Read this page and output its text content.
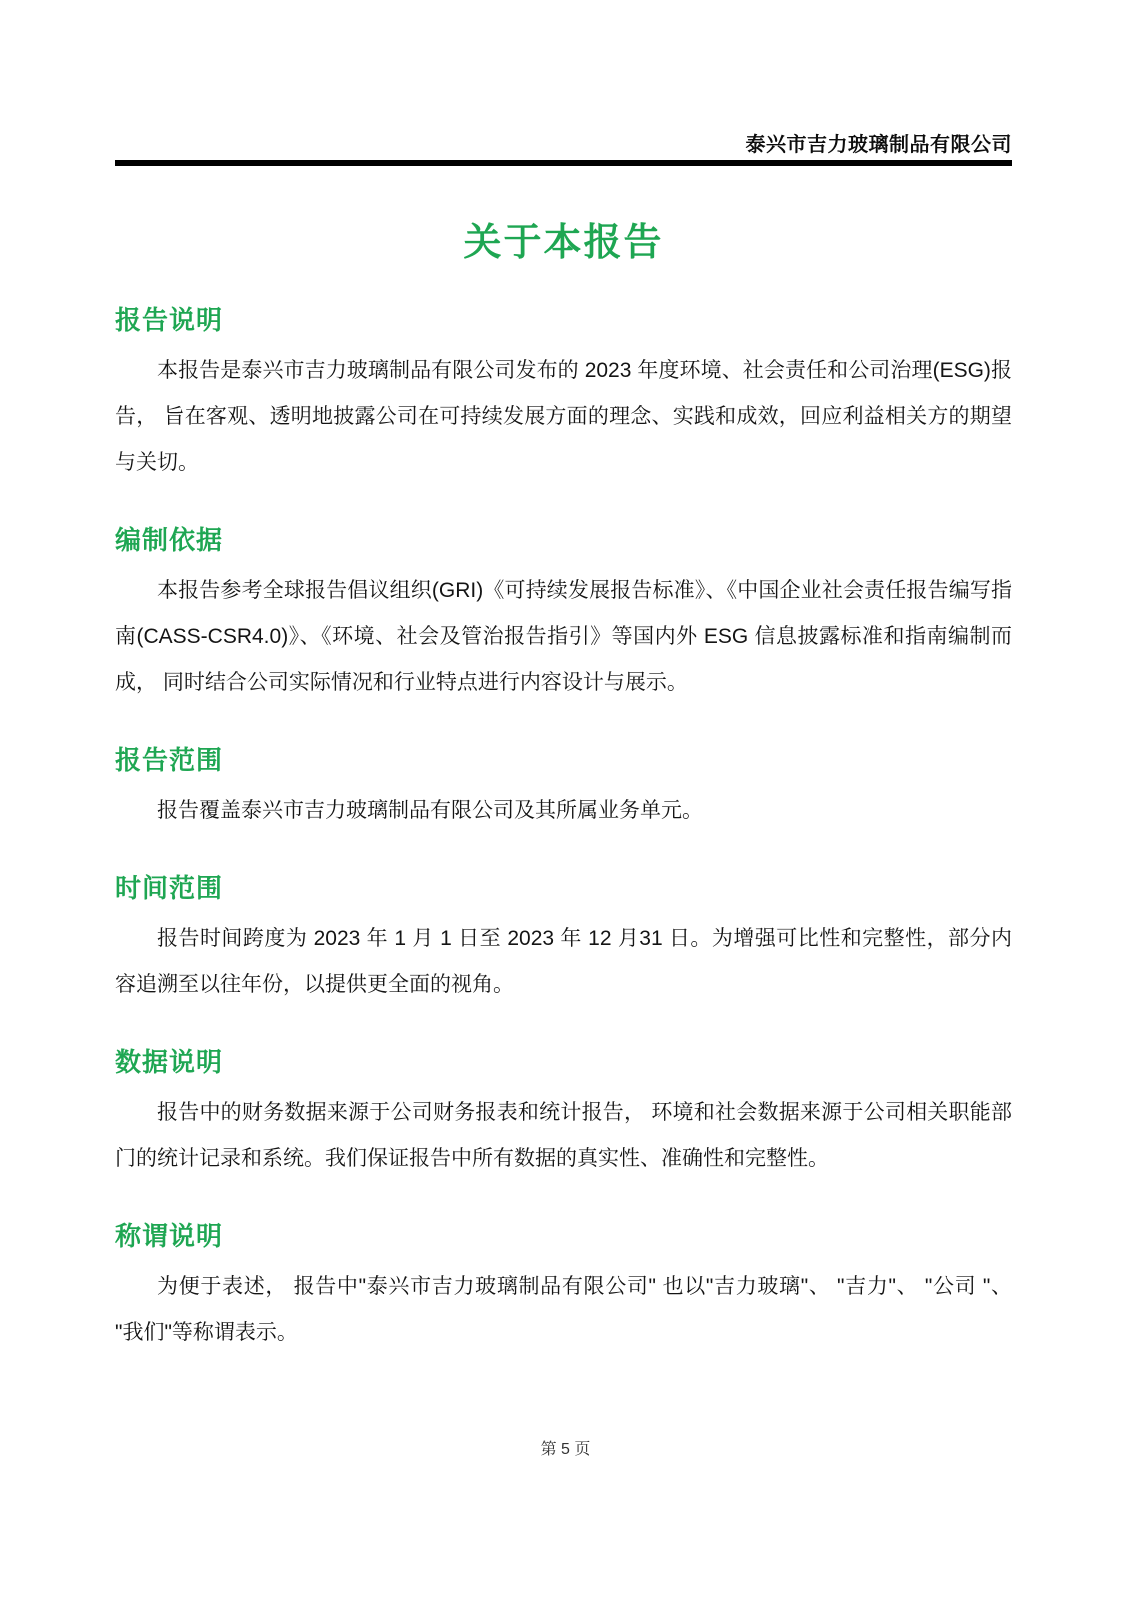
泰兴市吉力玻璃制品有限公司
关于本报告
报告说明

本报告是泰兴市吉力玻璃制品有限公司发布的 2023 年度环境、社会责任和公司治理(ESG)报告， 旨在客观、透明地披露公司在可持续发展方面的理念、实践和成效，回应利益相关方的期望与关切。

编制依据

本报告参考全球报告倡议组织(GRI)《可持续发展报告标准》、《中国企业社会责任报告编写指南(CASS-CSR4.0)》、《环境、社会及管治报告指引》等国内外 ESG 信息披露标准和指南编制而成， 同时结合公司实际情况和行业特点进行内容设计与展示。

报告范围

报告覆盖泰兴市吉力玻璃制品有限公司及其所属业务单元。

时间范围

报告时间跨度为 2023 年 1 月 1 日至 2023 年 12 月31 日。为增强可比性和完整性，部分内容追溯至以往年份，以提供更全面的视角。

数据说明

报告中的财务数据来源于公司财务报表和统计报告， 环境和社会数据来源于公司相关职能部门的统计记录和系统。我们保证报告中所有数据的真实性、准确性和完整性。

称谓说明

为便于表述， 报告中"泰兴市吉力玻璃制品有限公司" 也以"吉力玻璃"、 "吉力"、 "公司 "、 "我们"等称谓表示。

第 5 页
